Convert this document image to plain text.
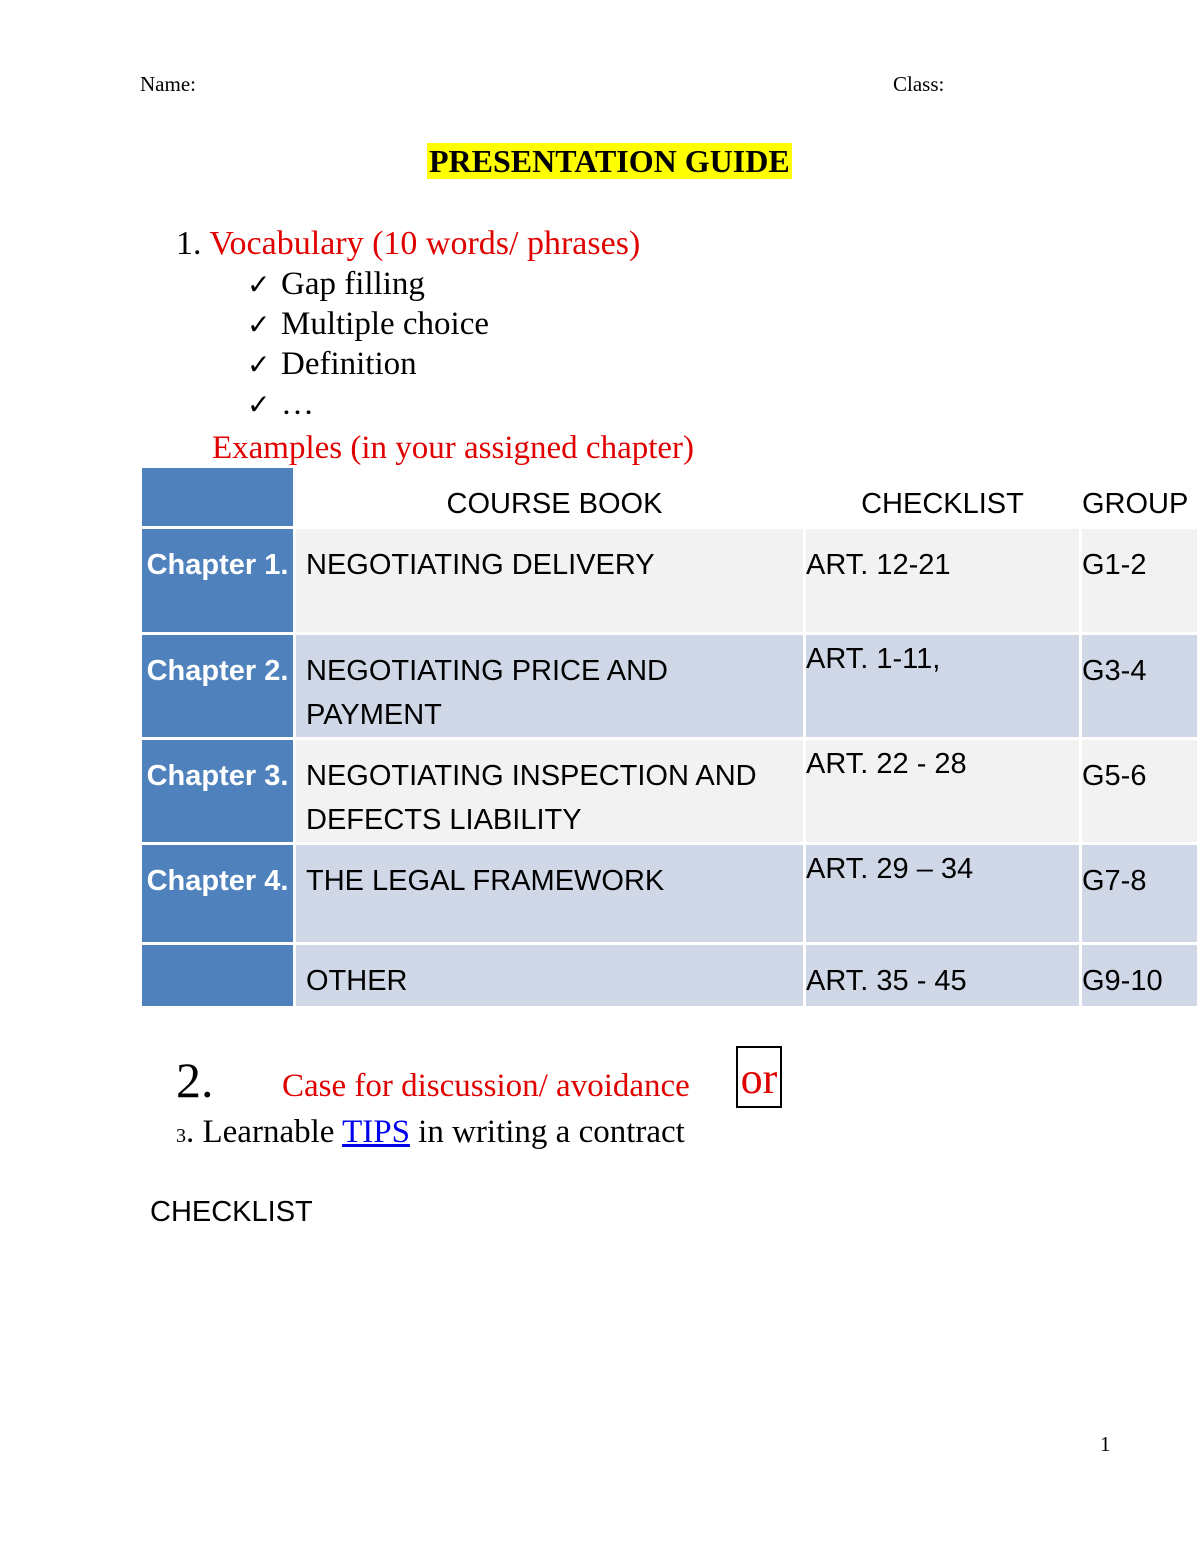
Name:	Class:
PRESENTATION GUIDE
1. Vocabulary (10 words/ phrases)
✓ Gap filling
✓ Multiple choice
✓ Definition
✓ …
Examples (in your assigned chapter)
	COURSE BOOK	CHECKLIST	GROUP
Chapter 1.	NEGOTIATING DELIVERY	ART. 12-21	G1-2
Chapter 2.	NEGOTIATING PRICE AND PAYMENT	ART. 1-11,	G3-4
Chapter 3.	NEGOTIATING INSPECTION AND DEFECTS LIABILITY	ART. 22 - 28	G5-6
Chapter 4.	THE LEGAL FRAMEWORK	ART. 29 – 34	G7-8
	OTHER	ART. 35 - 45	G9-10
2. Case for discussion/ avoidance or
3. Learnable TIPS in writing a contract
CHECKLIST
1
